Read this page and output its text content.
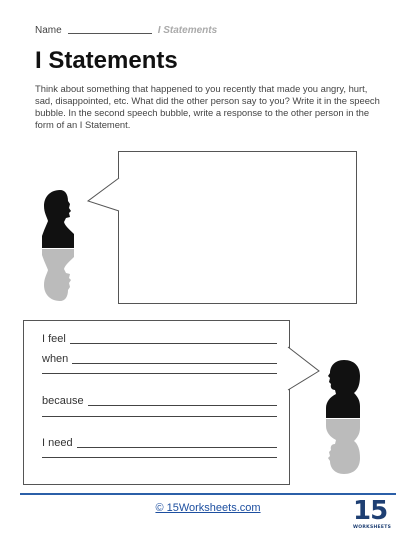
Name	I Statements
I Statements
Think about something that happened to you recently that made you angry, hurt, sad, disappointed, etc. What did the other person say to you? Write it in the speech bubble. In the second speech bubble, write a response to the other person in the form of an I Statement.
I feel
when
because
I need
© 15Worksheets.com	15
WORKSHEETS
